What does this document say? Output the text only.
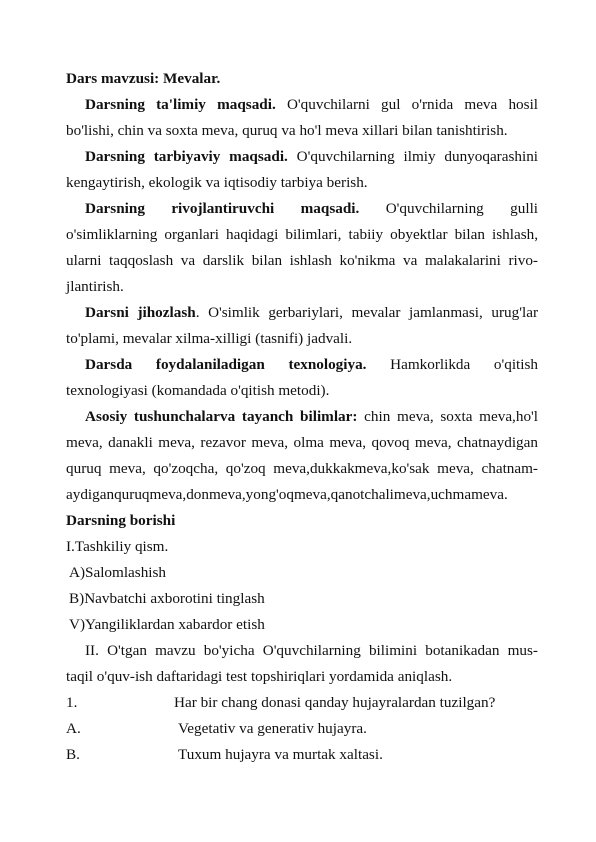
Dars mavzusi: Mevalar.
Darsning ta'limiy maqsadi. O'quvchilarni gul o'rnida meva hosil
bo'lishi, chin va soxta meva, quruq va ho'l meva xillari bilan tanishtirish.
Darsning tarbiyaviy maqsadi. O'quvchilarning ilmiy dunyoqarashini
kengaytirish, ekologik va iqtisodiy tarbiya berish.
Darsning rivojlantiruvchi maqsadi. O'quvchilarning gulli
o'simliklarning organlari haqidagi bilimlari, tabiiy obyektlar bilan ishlash,
ularni taqqoslash va darslik bilan ishlash ko'nikma va malakalarini rivo-
jlantirish.
Darsni jihozlash. O'simlik gerbariylari, mevalar jamlanmasi, urug'lar
to'plami, mevalar xilma-xilligi (tasnifi) jadvali.
Darsda foydalaniladigan texnologiya. Hamkorlikda o'qitish
texnologiyasi (komandada o'qitish metodi).
Asosiy tushunchalarva tayanch bilimlar: chin meva, soxta meva,ho'l
meva, danakli meva, rezavor meva, olma meva, qovoq meva, chatnaydigan
quruq meva, qo'zoqcha, qo'zoq meva,dukkakmeva,ko'sak meva, chatnam-
aydiganquruqmeva,donmeva,yong'oqmeva,qanotchalimeva,uchmameva.
Darsning borishi
I.Tashkiliy qism.
A)Salomlashish
B)Navbatchi axborotini tinglash
V)Yangiliklardan xabardor etish
II. O'tgan mavzu bo'yicha O'quvchilarning bilimini botanikadan mus-
taqil o'quv-ish daftaridagi test topshiriqlari yordamida aniqlash.
1.	Har bir chang donasi qanday hujayralardan tuzilgan?
A.	Vegetativ va generativ hujayra.
B.	Tuxum hujayra va murtak xaltasi.
